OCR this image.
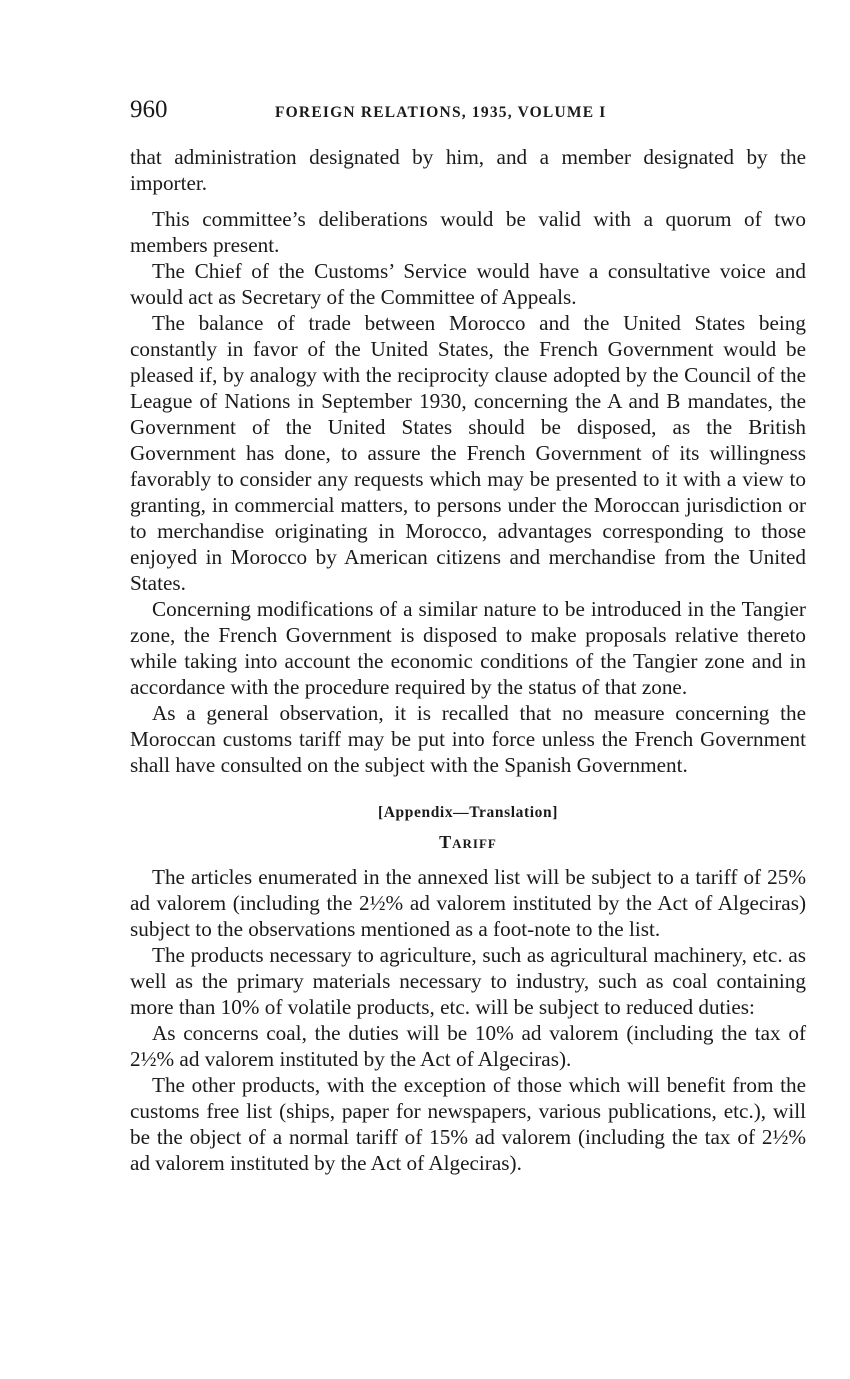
960	FOREIGN RELATIONS, 1935, VOLUME I

that administration designated by him, and a member designated by the importer.

This committee’s deliberations would be valid with a quorum of two members present.

The Chief of the Customs’ Service would have a consultative voice and would act as Secretary of the Committee of Appeals.

The balance of trade between Morocco and the United States being constantly in favor of the United States, the French Government would be pleased if, by analogy with the reciprocity clause adopted by the Council of the League of Nations in September 1930, concerning the A and B mandates, the Government of the United States should be disposed, as the British Government has done, to assure the French Government of its willingness favorably to consider any requests which may be presented to it with a view to granting, in commercial matters, to persons under the Moroccan jurisdiction or to merchandise originating in Morocco, advantages corresponding to those enjoyed in Morocco by American citizens and merchandise from the United States.

Concerning modifications of a similar nature to be introduced in the Tangier zone, the French Government is disposed to make proposals relative thereto while taking into account the economic conditions of the Tangier zone and in accordance with the procedure required by the status of that zone.

As a general observation, it is recalled that no measure concerning the Moroccan customs tariff may be put into force unless the French Government shall have consulted on the subject with the Spanish Government.

[Appendix—Translation]
Tariff

The articles enumerated in the annexed list will be subject to a tariff of 25% ad valorem (including the 2½% ad valorem instituted by the Act of Algeciras) subject to the observations mentioned as a foot-note to the list.

The products necessary to agriculture, such as agricultural machinery, etc. as well as the primary materials necessary to industry, such as coal containing more than 10% of volatile products, etc. will be subject to reduced duties:

As concerns coal, the duties will be 10% ad valorem (including the tax of 2½% ad valorem instituted by the Act of Algeciras).

The other products, with the exception of those which will benefit from the customs free list (ships, paper for newspapers, various publications, etc.), will be the object of a normal tariff of 15% ad valorem (including the tax of 2½% ad valorem instituted by the Act of Algeciras).
